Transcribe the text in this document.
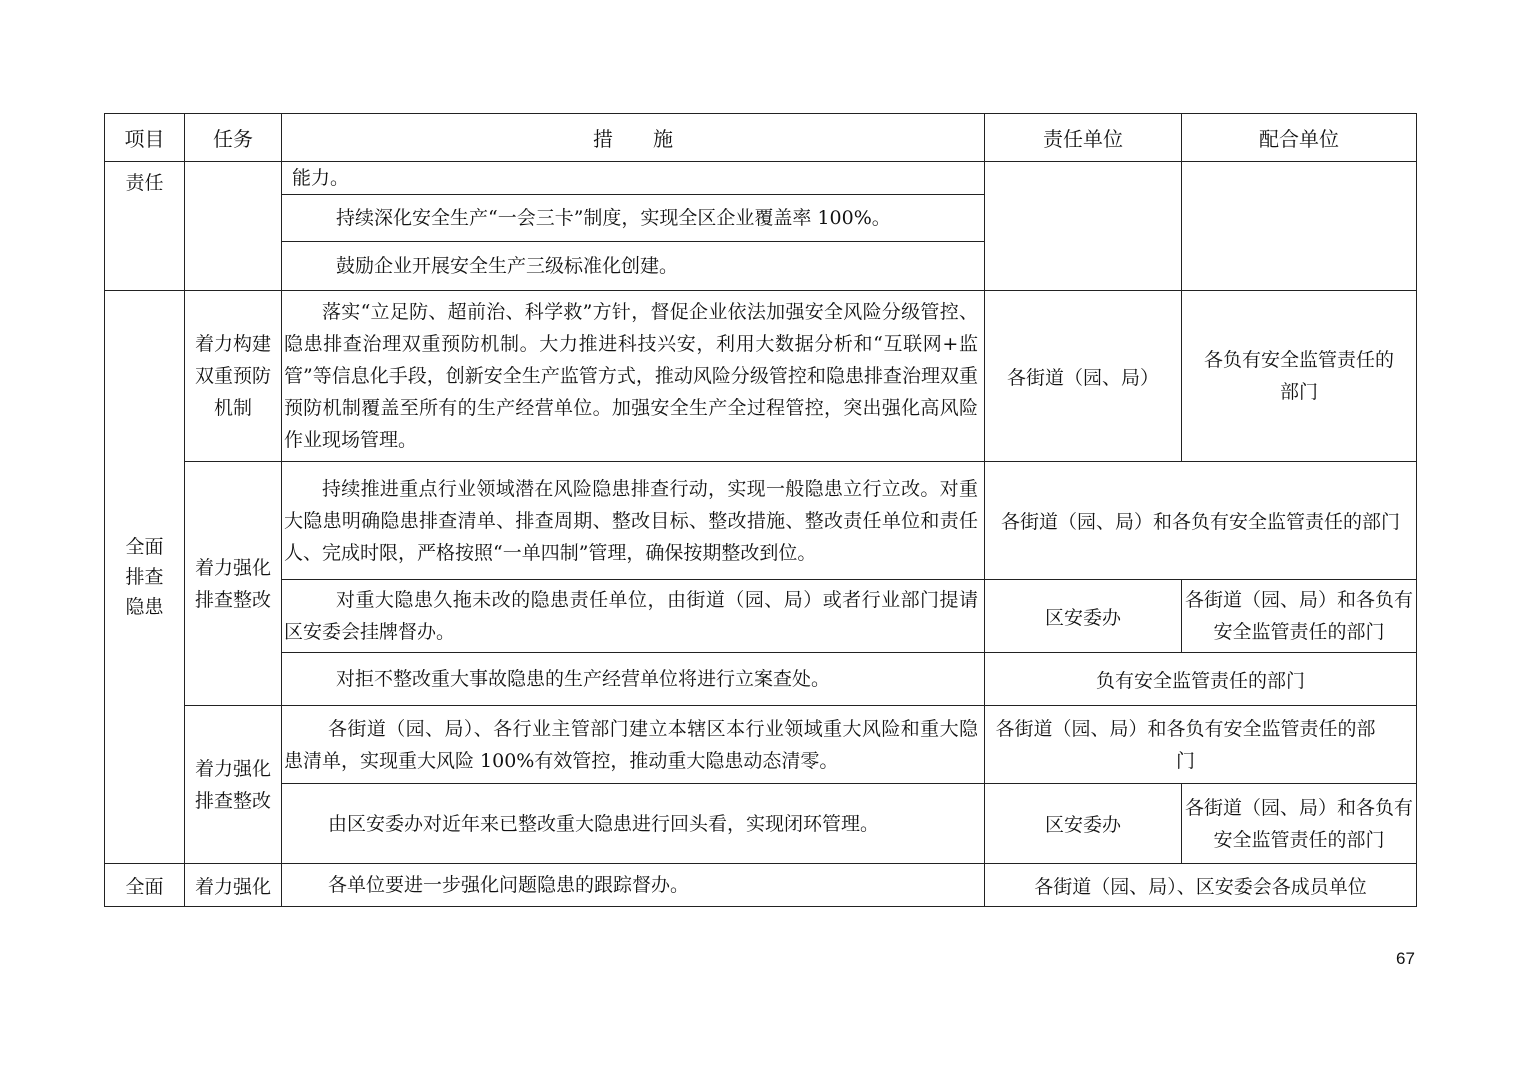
项目	任务	措　　施	责任单位	配合单位
责任		能力。		
		持续深化安全生产“一会三卡”制度，实现全区企业覆盖率 100%。		
		鼓励企业开展安全生产三级标准化创建。		

全面排查隐患	着力构建双重预防机制	落实“立足防、超前治、科学救”方针，督促企业依法加强安全风险分级管控、隐患排查治理双重预防机制。大力推进科技兴安，利用大数据分析和“互联网+监管”等信息化手段，创新安全生产监管方式，推动风险分级管控和隐患排查治理双重预防机制覆盖至所有的生产经营单位。加强安全生产全过程管控，突出强化高风险作业现场管理。	各街道（园、局）	各负有安全监管责任的部门

	着力强化排查整改	持续推进重点行业领域潜在风险隐患排查行动，实现一般隐患立行立改。对重大隐患明确隐患排查清单、排查周期、整改目标、整改措施、整改责任单位和责任人、完成时限，严格按照“一单四制”管理，确保按期整改到位。	各街道（园、局）和各负有安全监管责任的部门	
		对重大隐患久拖未改的隐患责任单位，由街道（园、局）或者行业部门提请区安委会挂牌督办。	区安委办	各街道（园、局）和各负有安全监管责任的部门
		对拒不整改重大事故隐患的生产经营单位将进行立案查处。	负有安全监管责任的部门	

	着力强化排查整改	各街道（园、局）、各行业主管部门建立本辖区本行业领域重大风险和重大隐患清单，实现重大风险 100%有效管控，推动重大隐患动态清零。	各街道（园、局）和各负有安全监管责任的部门	

		由区安委办对近年来已整改重大隐患进行回头看，实现闭环管理。	区安委办	各街道（园、局）和各负有安全监管责任的部门
全面	着力强化	各单位要进一步强化问题隐患的跟踪督办。	各街道（园、局）、区安委会各成员单位	
67
